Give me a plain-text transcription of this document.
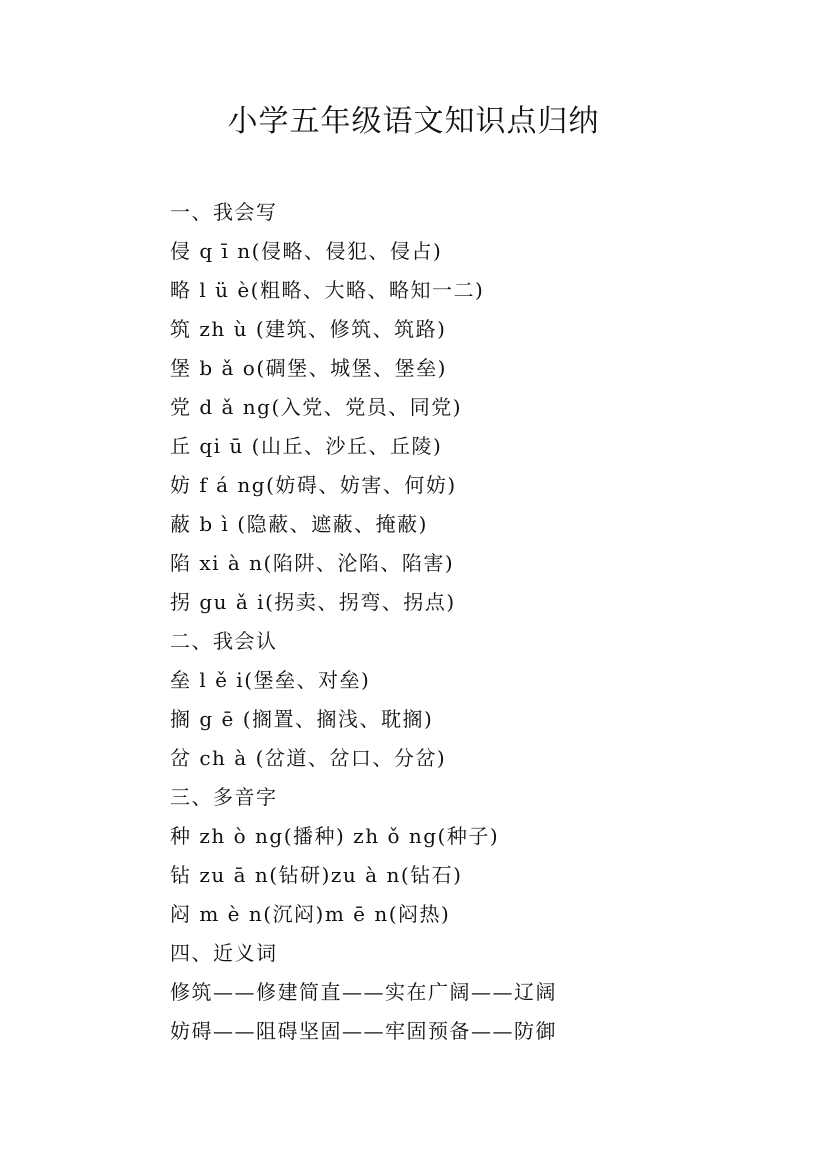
小学五年级语文知识点归纳
一、我会写
侵 q ī n(侵略、侵犯、侵占)
略 l ü è(粗略、大略、略知一二)
筑 zh ù (建筑、修筑、筑路)
堡 b ǎ o(碉堡、城堡、堡垒)
党 d ǎ ng(入党、党员、同党)
丘 qi ū (山丘、沙丘、丘陵)
妨 f á ng(妨碍、妨害、何妨)
蔽 b ì (隐蔽、遮蔽、掩蔽)
陷 xi à n(陷阱、沦陷、陷害)
拐 gu ǎ i(拐卖、拐弯、拐点)
二、我会认
垒 l ě i(堡垒、对垒)
搁 g ē (搁置、搁浅、耽搁)
岔 ch à (岔道、岔口、分岔)
三、多音字
种 zh ò ng(播种) zh ǒ ng(种子)
钻 zu ā n(钻研)zu à n(钻石)
闷 m è n(沉闷)m ē n(闷热)
四、近义词
修筑——修建简直——实在广阔——辽阔
妨碍——阻碍坚固——牢固预备——防御
